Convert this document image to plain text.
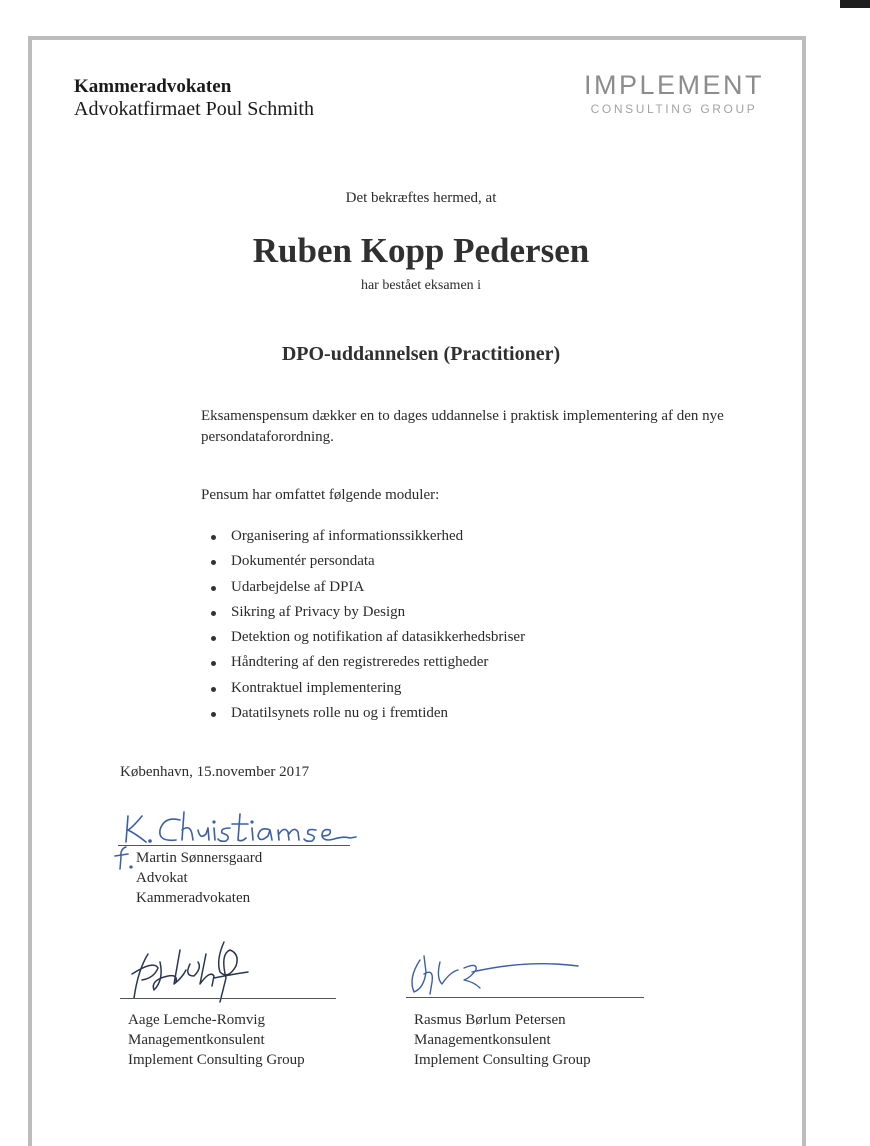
Kammeradvokaten
Advokatfirmaet Poul Schmith
IMPLEMENT
CONSULTING GROUP
Det bekræftes hermed, at
Ruben Kopp Pedersen
har bestået eksamen i
DPO-uddannelsen (Practitioner)
Eksamenspensum dækker en to dages uddannelse i praktisk implementering af den nye persondataforordning.
Pensum har omfattet følgende moduler:
Organisering af informationssikkerhed
Dokumentér persondata
Udarbejdelse af DPIA
Sikring af Privacy by Design
Detektion og notifikation af datasikkerhedsbriser
Håndtering af den registreredes rettigheder
Kontraktuel implementering
Datatilsynets rolle nu og i fremtiden
København, 15.november 2017
Martin Sønnersgaard
Advokat
Kammeradvokaten
Aage Lemche-Romvig
Managementkonsulent
Implement Consulting Group
Rasmus Børlum Petersen
Managementkonsulent
Implement Consulting Group
